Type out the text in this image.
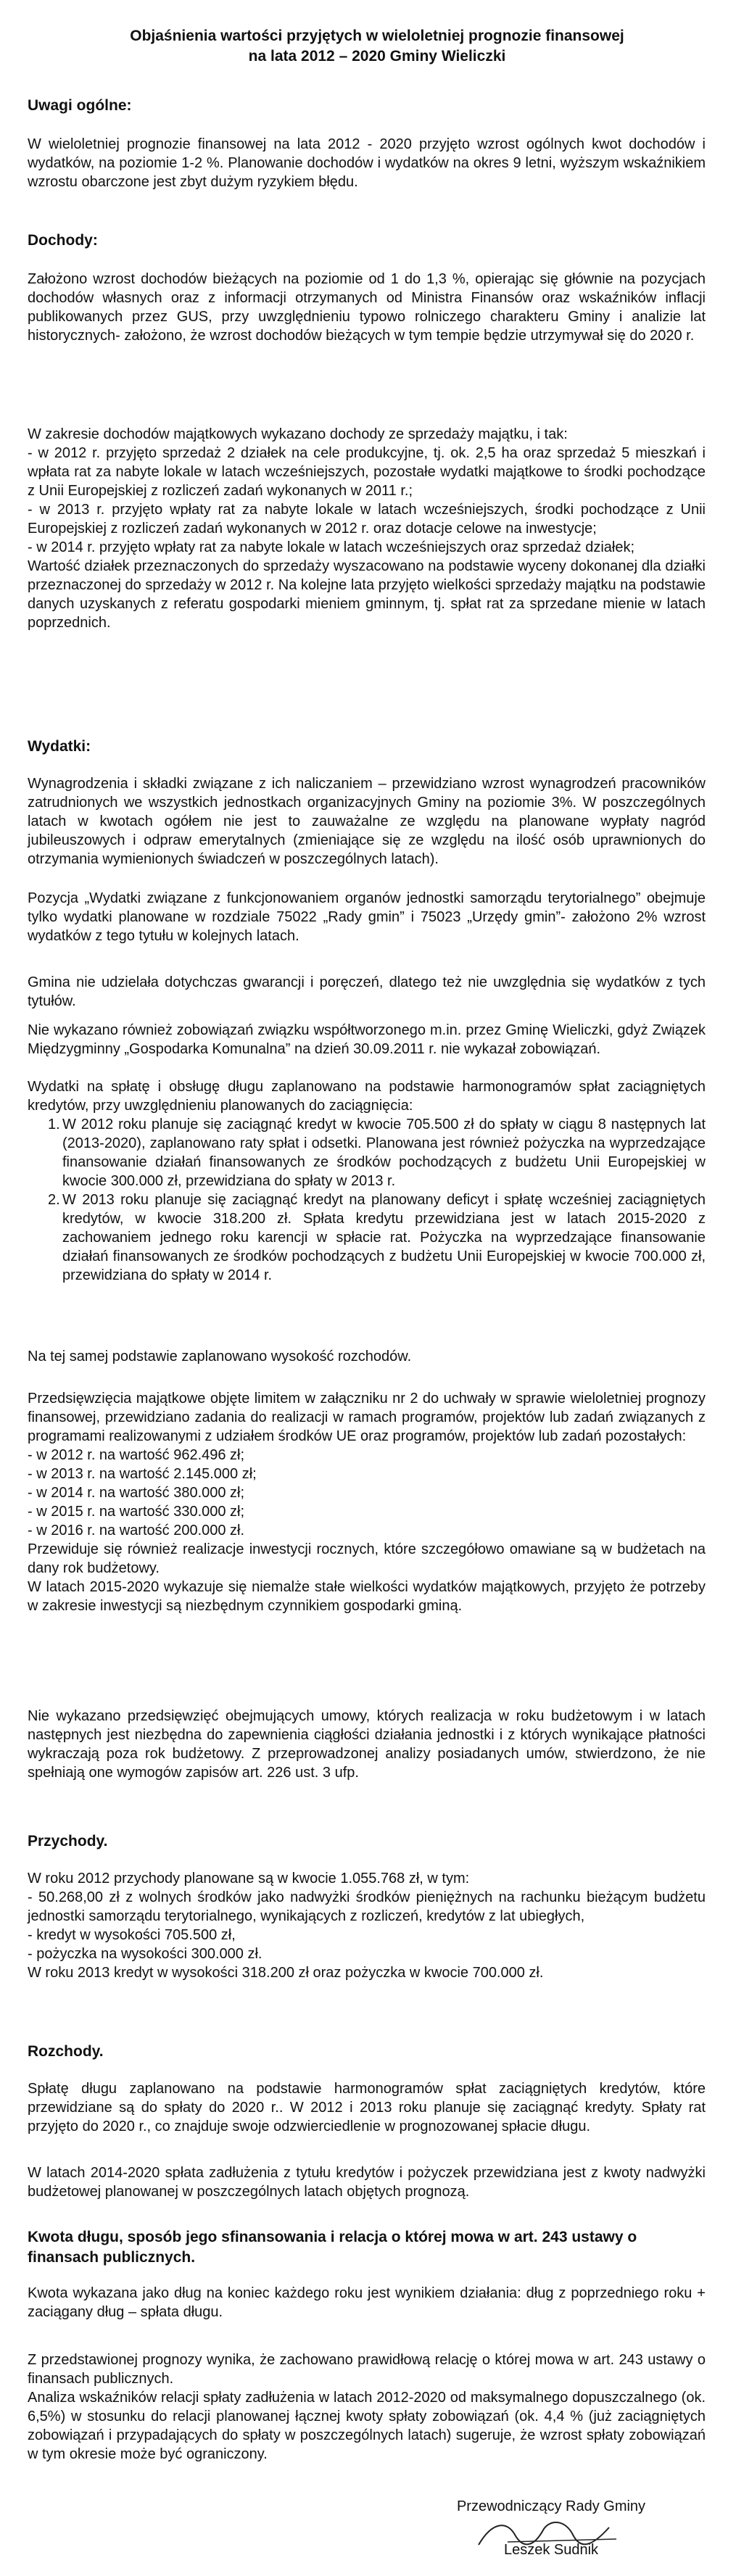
Objaśnienia wartości przyjętych w wieloletniej prognozie finansowej
na lata 2012 – 2020 Gminy Wieliczki
Uwagi ogólne:
W wieloletniej prognozie finansowej na lata 2012 - 2020 przyjęto wzrost ogólnych kwot dochodów i wydatków, na poziomie 1-2 %. Planowanie dochodów i wydatków na okres 9 letni, wyższym wskaźnikiem wzrostu obarczone jest zbyt dużym ryzykiem błędu.
Dochody:
Założono wzrost dochodów bieżących na poziomie od 1 do 1,3 %, opierając się głównie na pozycjach dochodów własnych oraz z informacji otrzymanych od Ministra Finansów oraz wskaźników inflacji publikowanych przez GUS, przy uwzględnieniu typowo rolniczego charakteru Gminy i analizie lat historycznych- założono, że wzrost dochodów bieżących w tym tempie będzie utrzymywał się do 2020 r.
W zakresie dochodów majątkowych wykazano dochody ze sprzedaży majątku, i tak:
- w 2012 r. przyjęto sprzedaż 2 działek na cele produkcyjne, tj. ok. 2,5 ha oraz sprzedaż 5 mieszkań i wpłata rat za nabyte lokale w latach wcześniejszych, pozostałe wydatki majątkowe to środki pochodzące z Unii Europejskiej z rozliczeń zadań wykonanych w 2011 r.;
- w 2013 r. przyjęto wpłaty rat za nabyte lokale w latach wcześniejszych, środki pochodzące z Unii Europejskiej z rozliczeń zadań wykonanych w 2012 r. oraz dotacje celowe na inwestycje;
- w 2014 r. przyjęto wpłaty rat za nabyte lokale w latach wcześniejszych oraz sprzedaż działek;
Wartość działek przeznaczonych do sprzedaży wyszacowano na podstawie wyceny dokonanej dla działki przeznaczonej do sprzedaży w 2012 r. Na kolejne lata przyjęto wielkości sprzedaży majątku na podstawie danych uzyskanych z referatu gospodarki mieniem gminnym, tj. spłat rat za sprzedane mienie w latach poprzednich.
Wydatki:
Wynagrodzenia i składki związane z ich naliczaniem – przewidziano wzrost wynagrodzeń pracowników zatrudnionych we wszystkich jednostkach organizacyjnych Gminy na poziomie 3%. W poszczególnych latach w kwotach ogółem nie jest to zauważalne ze względu na planowane wypłaty nagród jubileuszowych i odpraw emerytalnych (zmieniające się ze względu na ilość osób uprawnionych do otrzymania wymienionych świadczeń w poszczególnych latach).
Pozycja „Wydatki związane z funkcjonowaniem organów jednostki samorządu terytorialnego” obejmuje tylko wydatki planowane w rozdziale 75022 „Rady gmin” i 75023 „Urzędy gmin”- założono 2% wzrost wydatków z tego tytułu w kolejnych latach.
Gmina nie udzielała dotychczas gwarancji i poręczeń, dlatego też nie uwzględnia się wydatków z tych tytułów.
Nie wykazano również zobowiązań związku współtworzonego m.in. przez Gminę Wieliczki, gdyż Związek Międzygminny „Gospodarka Komunalna” na dzień 30.09.2011 r. nie wykazał zobowiązań.
Wydatki na spłatę i obsługę długu zaplanowano na podstawie harmonogramów spłat zaciągniętych kredytów, przy uwzględnieniu planowanych do zaciągnięcia:
1. W 2012 roku planuje się zaciągnąć kredyt w kwocie 705.500 zł do spłaty w ciągu 8 następnych lat (2013-2020), zaplanowano raty spłat i odsetki. Planowana jest również pożyczka na wyprzedzające finansowanie działań finansowanych ze środków pochodzących z budżetu Unii Europejskiej w kwocie 300.000 zł, przewidziana do spłaty w 2013 r.
2. W 2013 roku planuje się zaciągnąć kredyt na planowany deficyt i spłatę wcześniej zaciągniętych kredytów, w kwocie 318.200 zł. Spłata kredytu przewidziana jest w latach 2015-2020 z zachowaniem jednego roku karencji w spłacie rat. Pożyczka na wyprzedzające finansowanie działań finansowanych ze środków pochodzących z budżetu Unii Europejskiej w kwocie 700.000 zł, przewidziana do spłaty w 2014 r.
Na tej samej podstawie zaplanowano wysokość rozchodów.
Przedsięwzięcia majątkowe objęte limitem w załączniku nr 2 do uchwały w sprawie wieloletniej prognozy finansowej, przewidziano zadania do realizacji w ramach programów, projektów lub zadań związanych z programami realizowanymi z udziałem środków UE oraz programów, projektów lub zadań pozostałych:
- w 2012 r. na wartość 962.496 zł;
- w 2013 r. na wartość 2.145.000 zł;
- w 2014 r. na wartość 380.000 zł;
- w 2015 r. na wartość 330.000 zł;
- w 2016 r. na wartość 200.000 zł.
Przewiduje się również realizacje inwestycji rocznych, które szczegółowo omawiane są w budżetach na dany rok budżetowy.
W latach 2015-2020 wykazuje się niemalże stałe wielkości wydatków majątkowych, przyjęto że potrzeby w zakresie inwestycji są niezbędnym czynnikiem gospodarki gminą.
Nie wykazano przedsięwzięć obejmujących umowy, których realizacja w roku budżetowym i w latach następnych jest niezbędna do zapewnienia ciągłości działania jednostki i z których wynikające płatności wykraczają poza rok budżetowy. Z przeprowadzonej analizy posiadanych umów, stwierdzono, że nie spełniają one wymogów zapisów art. 226 ust. 3 ufp.
Przychody.
W roku 2012 przychody planowane są w kwocie 1.055.768 zł, w tym:
- 50.268,00 zł z wolnych środków jako nadwyżki środków pieniężnych na rachunku bieżącym budżetu jednostki samorządu terytorialnego, wynikających z rozliczeń, kredytów z lat ubiegłych,
- kredyt w wysokości 705.500 zł,
- pożyczka na wysokości 300.000 zł.
W roku 2013 kredyt w wysokości 318.200 zł oraz pożyczka w kwocie 700.000 zł.
Rozchody.
Spłatę długu zaplanowano na podstawie harmonogramów spłat zaciągniętych kredytów, które przewidziane są do spłaty do 2020 r.. W 2012 i 2013 roku planuje się zaciągnąć kredyty. Spłaty rat przyjęto do 2020 r., co znajduje swoje odzwierciedlenie w prognozowanej spłacie długu.
W latach 2014-2020 spłata zadłużenia z tytułu kredytów i pożyczek przewidziana jest z kwoty nadwyżki budżetowej planowanej w poszczególnych latach objętych prognozą.
Kwota długu, sposób jego sfinansowania i relacja o której mowa w art. 243 ustawy o finansach publicznych.
Kwota wykazana jako dług na koniec każdego roku jest wynikiem działania: dług z poprzedniego roku + zaciągany dług – spłata długu.
Z przedstawionej prognozy wynika, że zachowano prawidłową relację o której mowa w art. 243 ustawy o finansach publicznych.
Analiza wskaźników relacji spłaty zadłużenia w latach 2012-2020 od maksymalnego dopuszczalnego (ok. 6,5%) w stosunku do relacji planowanej łącznej kwoty spłaty zobowiązań (ok. 4,4 % (już zaciągniętych zobowiązań i przypadających do spłaty w poszczególnych latach) sugeruje, że wzrost spłaty zobowiązań w tym okresie może być ograniczony.
Przewodniczący Rady Gminy
Leszek Sudnik
